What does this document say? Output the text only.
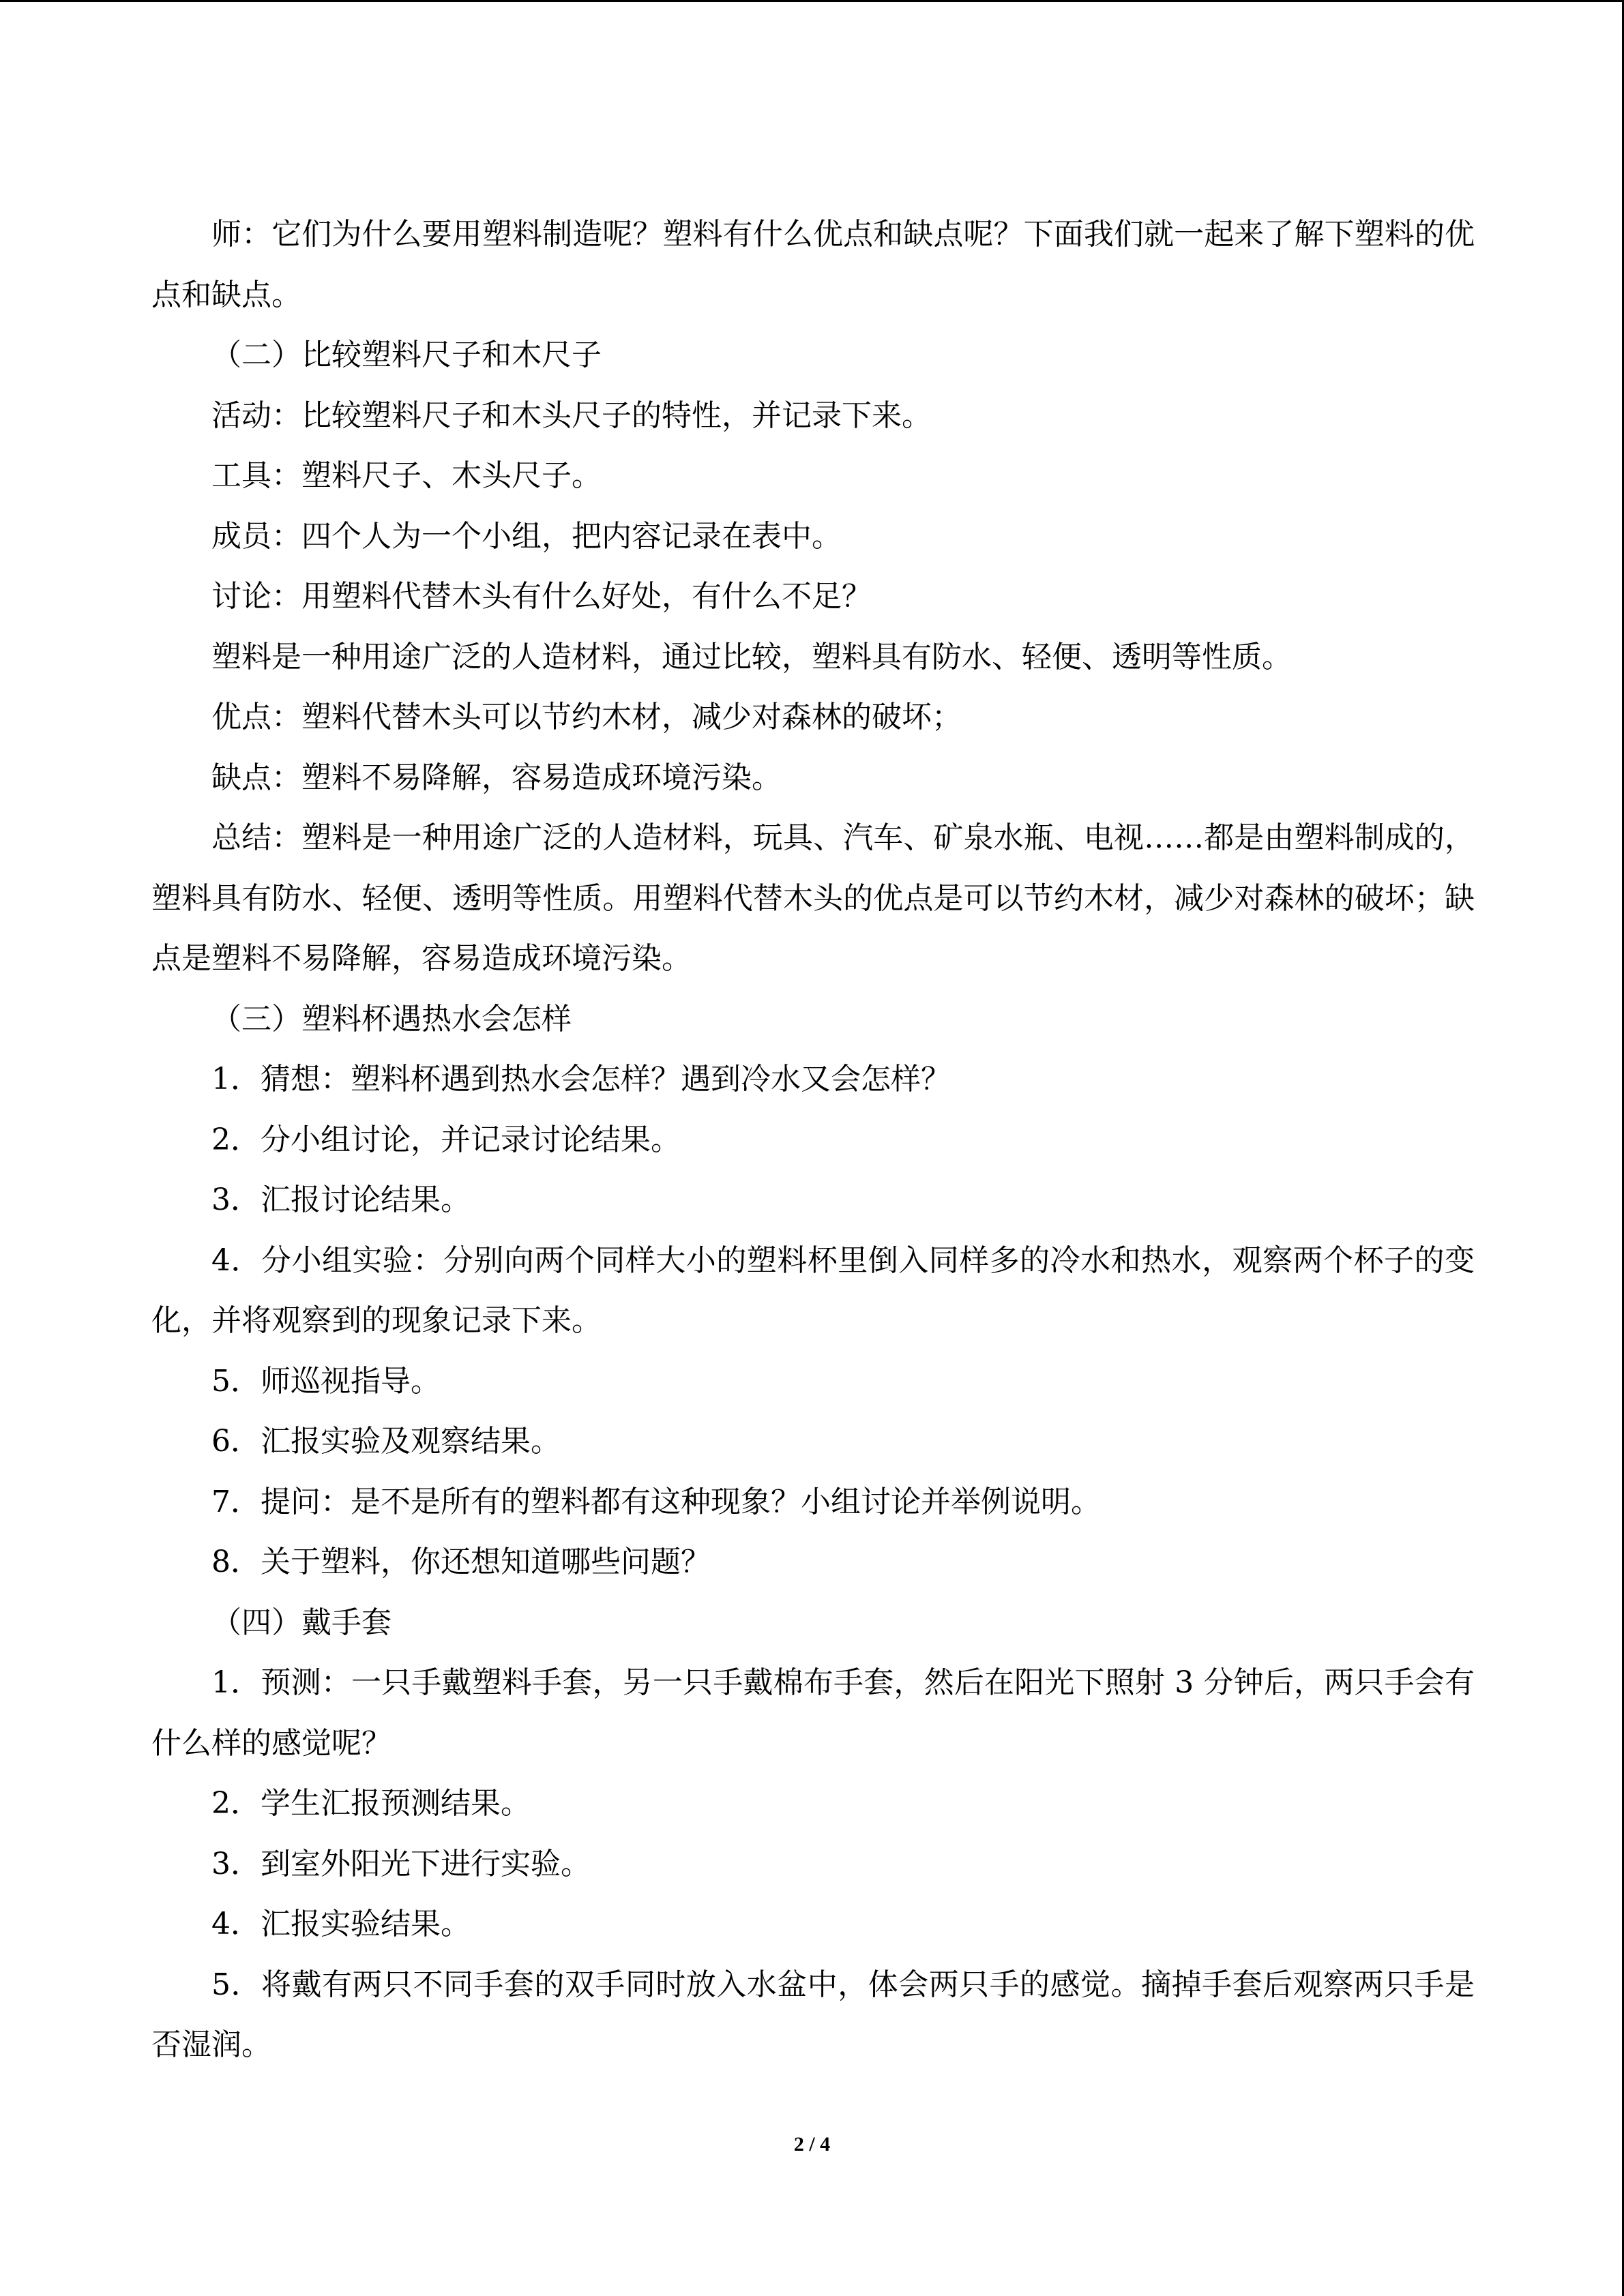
师：它们为什么要用塑料制造呢？塑料有什么优点和缺点呢？下面我们就一起来了解下塑料的优点和缺点。

（二）比较塑料尺子和木尺子

活动：比较塑料尺子和木头尺子的特性，并记录下来。

工具：塑料尺子、木头尺子。

成员：四个人为一个小组，把内容记录在表中。

讨论：用塑料代替木头有什么好处，有什么不足？

塑料是一种用途广泛的人造材料，通过比较，塑料具有防水、轻便、透明等性质。

优点：塑料代替木头可以节约木材，减少对森林的破坏；

缺点：塑料不易降解，容易造成环境污染。

总结：塑料是一种用途广泛的人造材料，玩具、汽车、矿泉水瓶、电视……都是由塑料制成的，塑料具有防水、轻便、透明等性质。用塑料代替木头的优点是可以节约木材，减少对森林的破坏；缺点是塑料不易降解，容易造成环境污染。

（三）塑料杯遇热水会怎样

1．猜想：塑料杯遇到热水会怎样？遇到冷水又会怎样？

2．分小组讨论，并记录讨论结果。

3．汇报讨论结果。

4．分小组实验：分别向两个同样大小的塑料杯里倒入同样多的冷水和热水，观察两个杯子的变化，并将观察到的现象记录下来。

5．师巡视指导。

6．汇报实验及观察结果。

7．提问：是不是所有的塑料都有这种现象？小组讨论并举例说明。

8．关于塑料，你还想知道哪些问题？

（四）戴手套

1．预测：一只手戴塑料手套，另一只手戴棉布手套，然后在阳光下照射 3 分钟后，两只手会有什么样的感觉呢？

2．学生汇报预测结果。

3．到室外阳光下进行实验。

4．汇报实验结果。

5．将戴有两只不同手套的双手同时放入水盆中，体会两只手的感觉。摘掉手套后观察两只手是否湿润。

2 / 4
